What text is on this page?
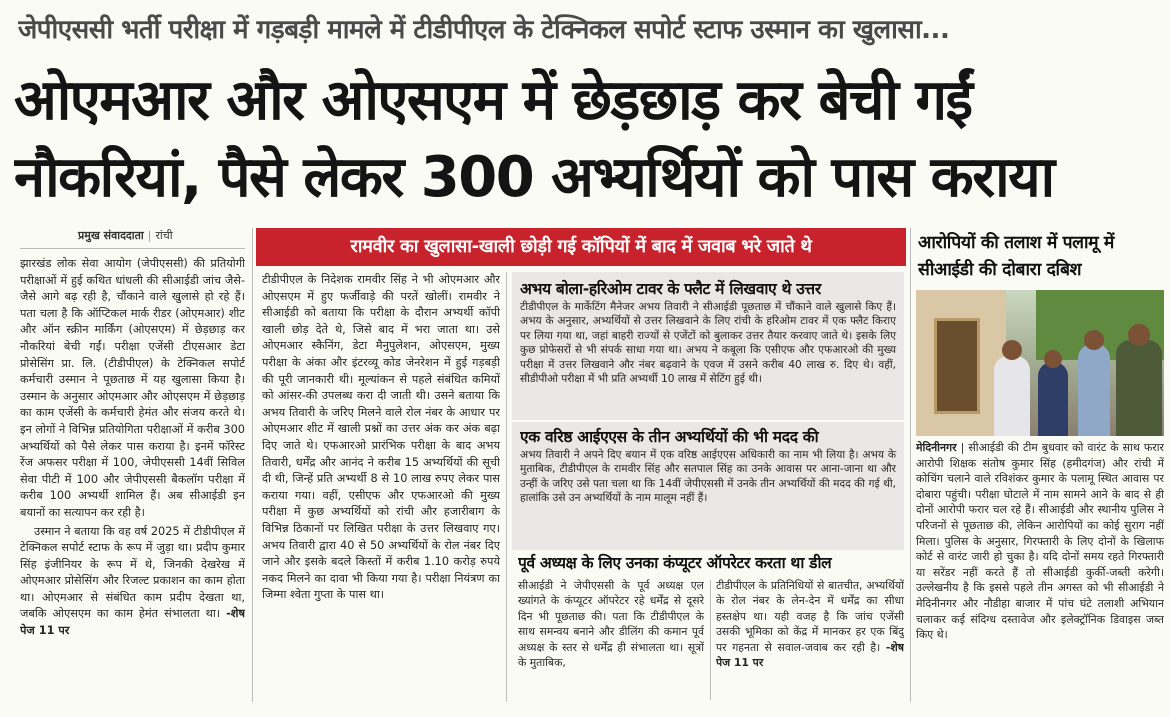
जेपीएससी भर्ती परीक्षा में गड़बड़ी मामले में टीडीपीएल के टेक्निकल सपोर्ट स्टाफ उस्मान का खुलासा...
ओएमआर और ओएसएम में छेड़छाड़ कर बेची गईं
नौकरियां, पैसे लेकर 300 अभ्यर्थियों को पास कराया
प्रमुख संवाददाता | रांची

झारखंड लोक सेवा आयोग (जेपीएससी) की प्रतियोगी परीक्षाओं में हुई कथित धांधली की सीआईडी जांच जैसे-जैसे आगे बढ़ रही है, चौंकाने वाले खुलासे हो रहे हैं। पता चला है कि ऑप्टिकल मार्क रीडर (ओएमआर) शीट और ऑन स्क्रीन मार्किंग (ओएसएम) में छेड़छाड़ कर नौकरियां बेची गईं। परीक्षा एजेंसी टीएसआर डेटा प्रोसेसिंग प्रा. लि. (टीडीपीएल) के टेक्निकल सपोर्ट कर्मचारी उस्मान ने पूछताछ में यह खुलासा किया है। उस्मान के अनुसार ओएमआर और ओएसएम में छेड़छाड़ का काम एजेंसी के कर्मचारी हेमंत और संजय करते थे। इन लोगों ने विभिन्न प्रतियोगिता परीक्षाओं में करीब 300 अभ्यर्थियों को पैसे लेकर पास कराया है। इनमें फॉरेस्ट रेंज अफसर परीक्षा में 100, जेपीएससी 14वीं सिविल सेवा पीटी में 100 और जेपीएससी बैकलॉग परीक्षा में करीब 100 अभ्यर्थी शामिल हैं। अब सीआईडी इन बयानों का सत्यापन कर रही है।

उस्मान ने बताया कि वह वर्ष 2025 में टीडीपीएल में टेक्निकल सपोर्ट स्टाफ के रूप में जुड़ा था। प्रदीप कुमार सिंह इंजीनियर के रूप में थे, जिनकी देखरेख में ओएमआर प्रोसेसिंग और रिजल्ट प्रकाशन का काम होता था। ओएमआर से संबंधित काम प्रदीप देखता था, जबकि ओएसएम का काम हेमंत संभालता था। -शेष पेज 11 पर

रामवीर का खुलासा-खाली छोड़ी गई कॉपियों में बाद में जवाब भरे जाते थे

टीडीपीएल के निदेशक रामवीर सिंह ने भी ओएमआर और ओएसएम में हुए फर्जीवाड़े की परतें खोलीं। रामवीर ने सीआईडी को बताया कि परीक्षा के दौरान अभ्यर्थी कॉपी खाली छोड़ देते थे, जिसे बाद में भरा जाता था। उसे ओएमआर स्कैनिंग, डेटा मैनुपुलेशन, ओएसएम, मुख्य परीक्षा के अंका और इंटरव्यू कोड जेनरेशन में हुई गड़बड़ी की पूरी जानकारी थी। मूल्यांकन से पहले संबंधित कमियों को आंसर-की उपलब्ध करा दी जाती थी। उसने बताया कि अभय तिवारी के जरिए मिलने वाले रोल नंबर के आधार पर ओएमआर शीट में खाली प्रश्नों का उत्तर अंक कर अंक बढ़ा दिए जाते थे। एफआरओ प्रारंभिक परीक्षा के बाद अभय तिवारी, धर्मेंद्र और आनंद ने करीब 15 अभ्यर्थियों की सूची दी थी, जिन्हें प्रति अभ्यर्थी 8 से 10 लाख रुपए लेकर पास कराया गया। वहीं, एसीएफ और एफआरओ की मुख्य परीक्षा में कुछ अभ्यर्थियों को रांची और हजारीबाग के विभिन्न ठिकानों पर लिखित परीक्षा के उत्तर लिखवाए गए। अभय तिवारी द्वारा 40 से 50 अभ्यर्थियों के रोल नंबर दिए जाने और इसके बदले किस्तों में करीब 1.10 करोड़ रुपये नकद मिलने का दावा भी किया गया है। परीक्षा नियंत्रण का जिम्मा श्वेता गुप्ता के पास था।

अभय बोला-हरिओम टावर के फ्लैट में लिखवाए थे उत्तर

टीडीपीएल के मार्केटिंग मैनेजर अभय तिवारी ने सीआईडी पूछताछ में चौंकाने वाले खुलासे किए हैं। अभय के अनुसार, अभ्यर्थियों से उत्तर लिखवाने के लिए रांची के हरिओम टावर में एक फ्लैट किराए पर लिया गया था, जहां बाहरी राज्यों से एजेंटों को बुलाकर उत्तर तैयार करवाए जाते थे। इसके लिए कुछ प्रोफेसरों से भी संपर्क साधा गया था। अभय ने कबूला कि एसीएफ और एफआरओ की मुख्य परीक्षा में उत्तर लिखवाने और नंबर बढ़वाने के एवज में उसने करीब 40 लाख रु. दिए थे। वहीं, सीडीपीओ परीक्षा में भी प्रति अभ्यर्थी 10 लाख में सेटिंग हुई थी।

एक वरिष्ठ आईएएस के तीन अभ्यर्थियों की भी मदद की

अभय तिवारी ने अपने दिए बयान में एक वरिष्ठ आईएएस अधिकारी का नाम भी लिया है। अभय के मुताबिक, टीडीपीएल के रामवीर सिंह और सतपाल सिंह का उनके आवास पर आना-जाना था और उन्हीं के जरिए उसे पता चला था कि 14वीं जेपीएससी में उनके तीन अभ्यर्थियों की मदद की गई थी, हालांकि उसे उन अभ्यर्थियों के नाम मालूम नहीं हैं।

पूर्व अध्यक्ष के लिए उनका कंप्यूटर ऑपरेटर करता था डील

सीआईडी ने जेपीएससी के पूर्व अध्यक्ष एल ख्यांगते के कंप्यूटर ऑपरेटर रहे धर्मेंद्र से दूसरे दिन भी पूछताछ की। पता कि टीडीपीएल के साथ समन्वय बनाने और डीलिंग की कमान पूर्व अध्यक्ष के स्तर से धर्मेंद्र ही संभालता था। सूत्रों के मुताबिक,

टीडीपीएल के प्रतिनिधियों से बातचीत, अभ्यर्थियों के रोल नंबर के लेन-देन में धर्मेंद्र का सीधा हस्तक्षेप था। यही वजह है कि जांच एजेंसी उसकी भूमिका को केंद्र में मानकर हर एक बिंदु पर गहनता से सवाल-जवाब कर रही है। -शेष पेज 11 पर

आरोपियों की तलाश में पलामू में सीआईडी की दोबारा दबिश

मेदिनीनगर | सीआईडी की टीम बुधवार को वारंट के साथ फरार आरोपी शिक्षक संतोष कुमार सिंह (हमीदगंज) और रांची में कोचिंग चलाने वाले रविशंकर कुमार के पलामू स्थित आवास पर दोबारा पहुंची। परीक्षा घोटाले में नाम सामने आने के बाद से ही दोनों आरोपी फरार चल रहे हैं। सीआईडी और स्थानीय पुलिस ने परिजनों से पूछताछ की, लेकिन आरोपियों का कोई सुराग नहीं मिला। पुलिस के अनुसार, गिरफ्तारी के लिए दोनों के खिलाफ कोर्ट से वारंट जारी हो चुका है। यदि दोनों समय रहते गिरफ्तारी या सरेंडर नहीं करते हैं तो सीआईडी कुर्की-जब्ती करेगी। उल्लेखनीय है कि इससे पहले तीन अगस्त को भी सीआईडी ने मेदिनीनगर और नौडीहा बाजार में पांच घंटे तलाशी अभियान चलाकर कई संदिग्ध दस्तावेज और इलेक्ट्रॉनिक डिवाइस जब्त किए थे।
